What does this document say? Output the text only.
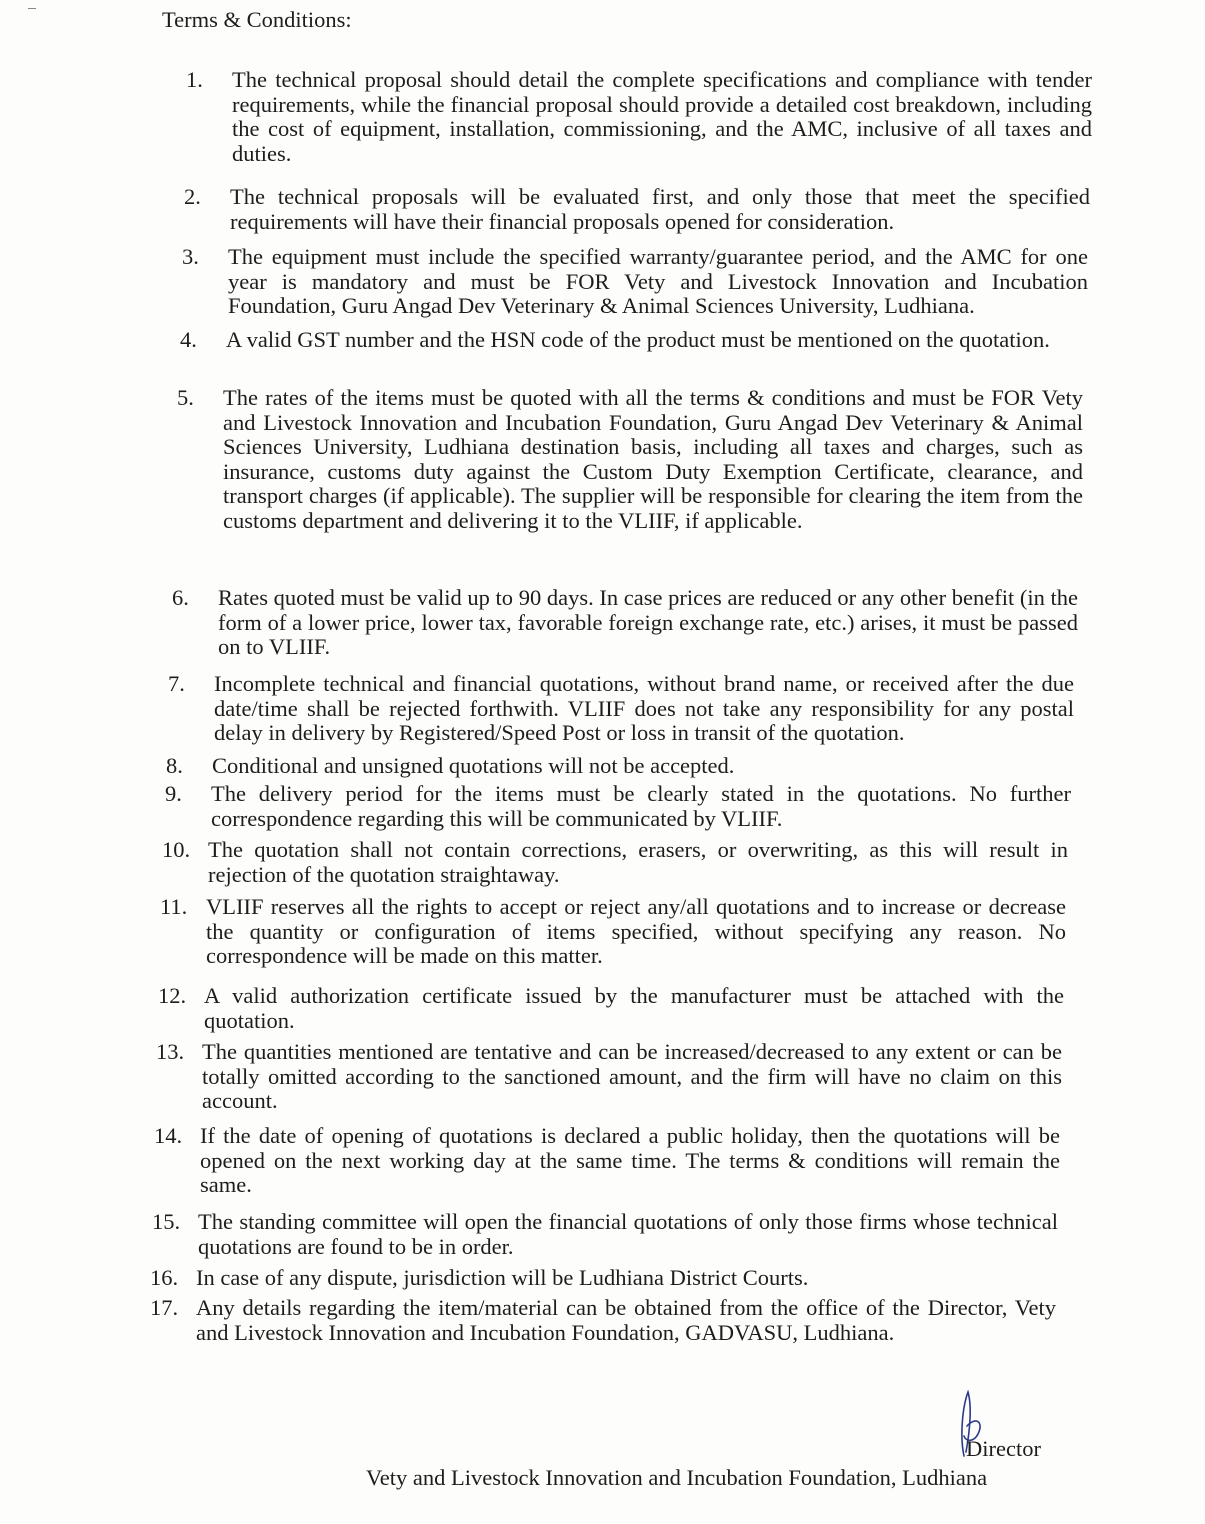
Terms & Conditions:
1.	The technical proposal should detail the complete specifications and compliance with tender requirements, while the financial proposal should provide a detailed cost breakdown, including the cost of equipment, installation, commissioning, and the AMC, inclusive of all taxes and duties.
2.	The technical proposals will be evaluated first, and only those that meet the specified requirements will have their financial proposals opened for consideration.
3.	The equipment must include the specified warranty/guarantee period, and the AMC for one year is mandatory and must be FOR Vety and Livestock Innovation and Incubation Foundation, Guru Angad Dev Veterinary & Animal Sciences University, Ludhiana.
4.	A valid GST number and the HSN code of the product must be mentioned on the quotation.
5.	The rates of the items must be quoted with all the terms & conditions and must be FOR Vety and Livestock Innovation and Incubation Foundation, Guru Angad Dev Veterinary & Animal Sciences University, Ludhiana destination basis, including all taxes and charges, such as insurance, customs duty against the Custom Duty Exemption Certificate, clearance, and transport charges (if applicable). The supplier will be responsible for clearing the item from the customs department and delivering it to the VLIIF, if applicable.
6.	Rates quoted must be valid up to 90 days. In case prices are reduced or any other benefit (in the form of a lower price, lower tax, favorable foreign exchange rate, etc.) arises, it must be passed on to VLIIF.
7.	Incomplete technical and financial quotations, without brand name, or received after the due date/time shall be rejected forthwith. VLIIF does not take any responsibility for any postal delay in delivery by Registered/Speed Post or loss in transit of the quotation.
8.	Conditional and unsigned quotations will not be accepted.
9.	The delivery period for the items must be clearly stated in the quotations. No further correspondence regarding this will be communicated by VLIIF.
10. The quotation shall not contain corrections, erasers, or overwriting, as this will result in rejection of the quotation straightaway.
11. VLIIF reserves all the rights to accept or reject any/all quotations and to increase or decrease the quantity or configuration of items specified, without specifying any reason. No correspondence will be made on this matter.
12. A valid authorization certificate issued by the manufacturer must be attached with the quotation.
13. The quantities mentioned are tentative and can be increased/decreased to any extent or can be totally omitted according to the sanctioned amount, and the firm will have no claim on this account.
14. If the date of opening of quotations is declared a public holiday, then the quotations will be opened on the next working day at the same time. The terms & conditions will remain the same.
15. The standing committee will open the financial quotations of only those firms whose technical quotations are found to be in order.
16. In case of any dispute, jurisdiction will be Ludhiana District Courts.
17. Any details regarding the item/material can be obtained from the office of the Director, Vety and Livestock Innovation and Incubation Foundation, GADVASU, Ludhiana.
Director
Vety and Livestock Innovation and Incubation Foundation, Ludhiana
